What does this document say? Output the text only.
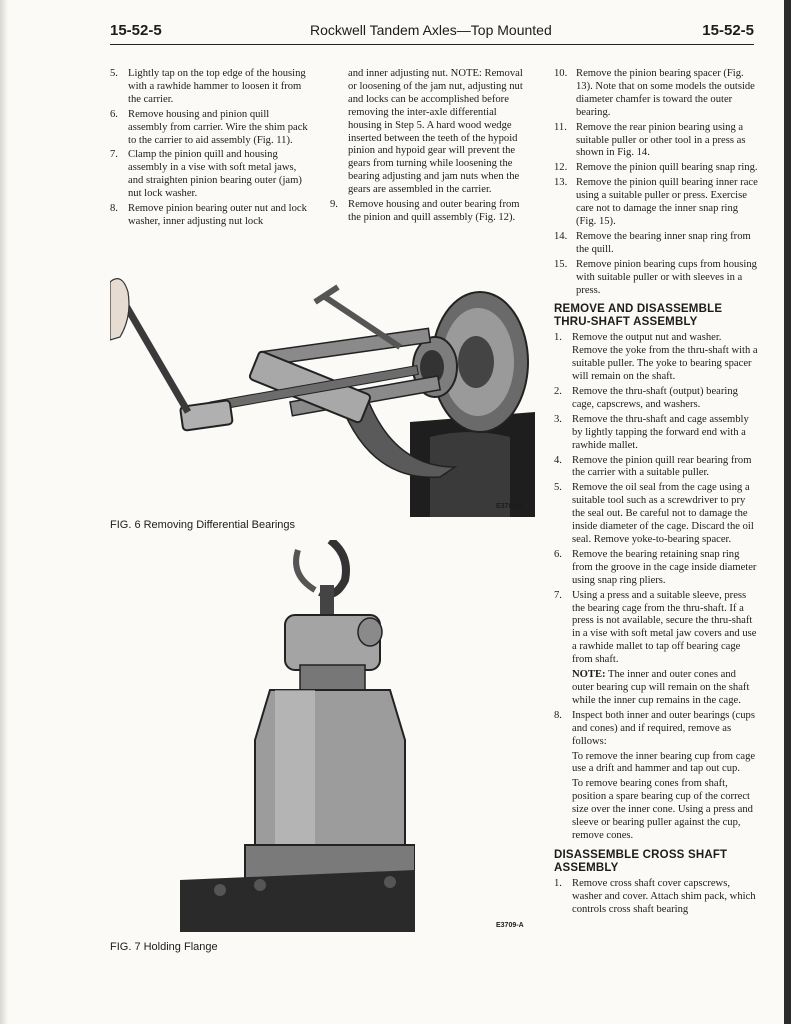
15-52-5	Rockwell Tandem Axles—Top Mounted	15-52-5
5. Lightly tap on the top edge of the housing with a rawhide hammer to loosen it from the carrier.
6. Remove housing and pinion quill assembly from carrier. Wire the shim pack to the carrier to aid assembly (Fig. 11).
7. Clamp the pinion quill and housing assembly in a vise with soft metal jaws, and straighten pinion bearing outer (jam) nut lock washer.
8. Remove pinion bearing outer nut and lock washer, inner adjusting nut lock

and inner adjusting nut. NOTE: Removal or loosening of the jam nut, adjusting nut and locks can be accomplished before removing the inter-axle differential housing in Step 5. A hard wood wedge inserted between the teeth of the hypoid pinion and hypoid gear will prevent the gears from turning while loosening the bearing adjusting and jam nuts when the gears are assembled in the carrier.

9. Remove housing and outer bearing from the pinion and quill assembly (Fig. 12).
10. Remove the pinion bearing spacer (Fig. 13). Note that on some models the outside diameter chamfer is toward the outer bearing.
11. Remove the rear pinion bearing using a suitable puller or other tool in a press as shown in Fig. 14.
12. Remove the pinion quill bearing snap ring.
13. Remove the pinion quill bearing inner race using a suitable puller or press. Exercise care not to damage the inner snap ring (Fig. 15).
14. Remove the bearing inner snap ring from the quill.
15. Remove pinion bearing cups from housing with suitable puller or with sleeves in a press.
REMOVE AND DISASSEMBLE THRU-SHAFT ASSEMBLY
1. Remove the output nut and washer. Remove the yoke from the thru-shaft with a suitable puller. The yoke to bearing spacer will remain on the shaft.
2. Remove the thru-shaft (output) bearing cage, capscrews, and washers.
3. Remove the thru-shaft and cage assembly by lightly tapping the forward end with a rawhide mallet.
4. Remove the pinion quill rear bearing from the carrier with a suitable puller.
5. Remove the oil seal from the cage using a suitable tool such as a screwdriver to pry the seal out. Be careful not to damage the inside diameter of the cage. Discard the oil seal. Remove yoke-to-bearing spacer.
6. Remove the bearing retaining snap ring from the groove in the cage inside diameter using snap ring pliers.
7. Using a press and a suitable sleeve, press the bearing cage from the thru-shaft. If a press is not available, secure the thru-shaft in a vise with soft metal jaw covers and use a rawhide mallet to tap off bearing cage from shaft.
NOTE: The inner and outer cones and outer bearing cup will remain on the shaft while the inner cup remains in the cage.
8. Inspect both inner and outer bearings (cups and cones) and if required, remove as follows:
To remove the inner bearing cup from cage use a drift and hammer and tap out cup.
To remove bearing cones from shaft, position a spare bearing cup of the correct size over the inner cone. Using a press and sleeve or bearing puller against the cup, remove cones.
DISASSEMBLE CROSS SHAFT ASSEMBLY
1. Remove cross shaft cover capscrews, washer and cover. Attach shim pack, which controls cross shaft bearing
E3708-A
FIG. 6 Removing Differential Bearings
E3709-A
FIG. 7 Holding Flange
